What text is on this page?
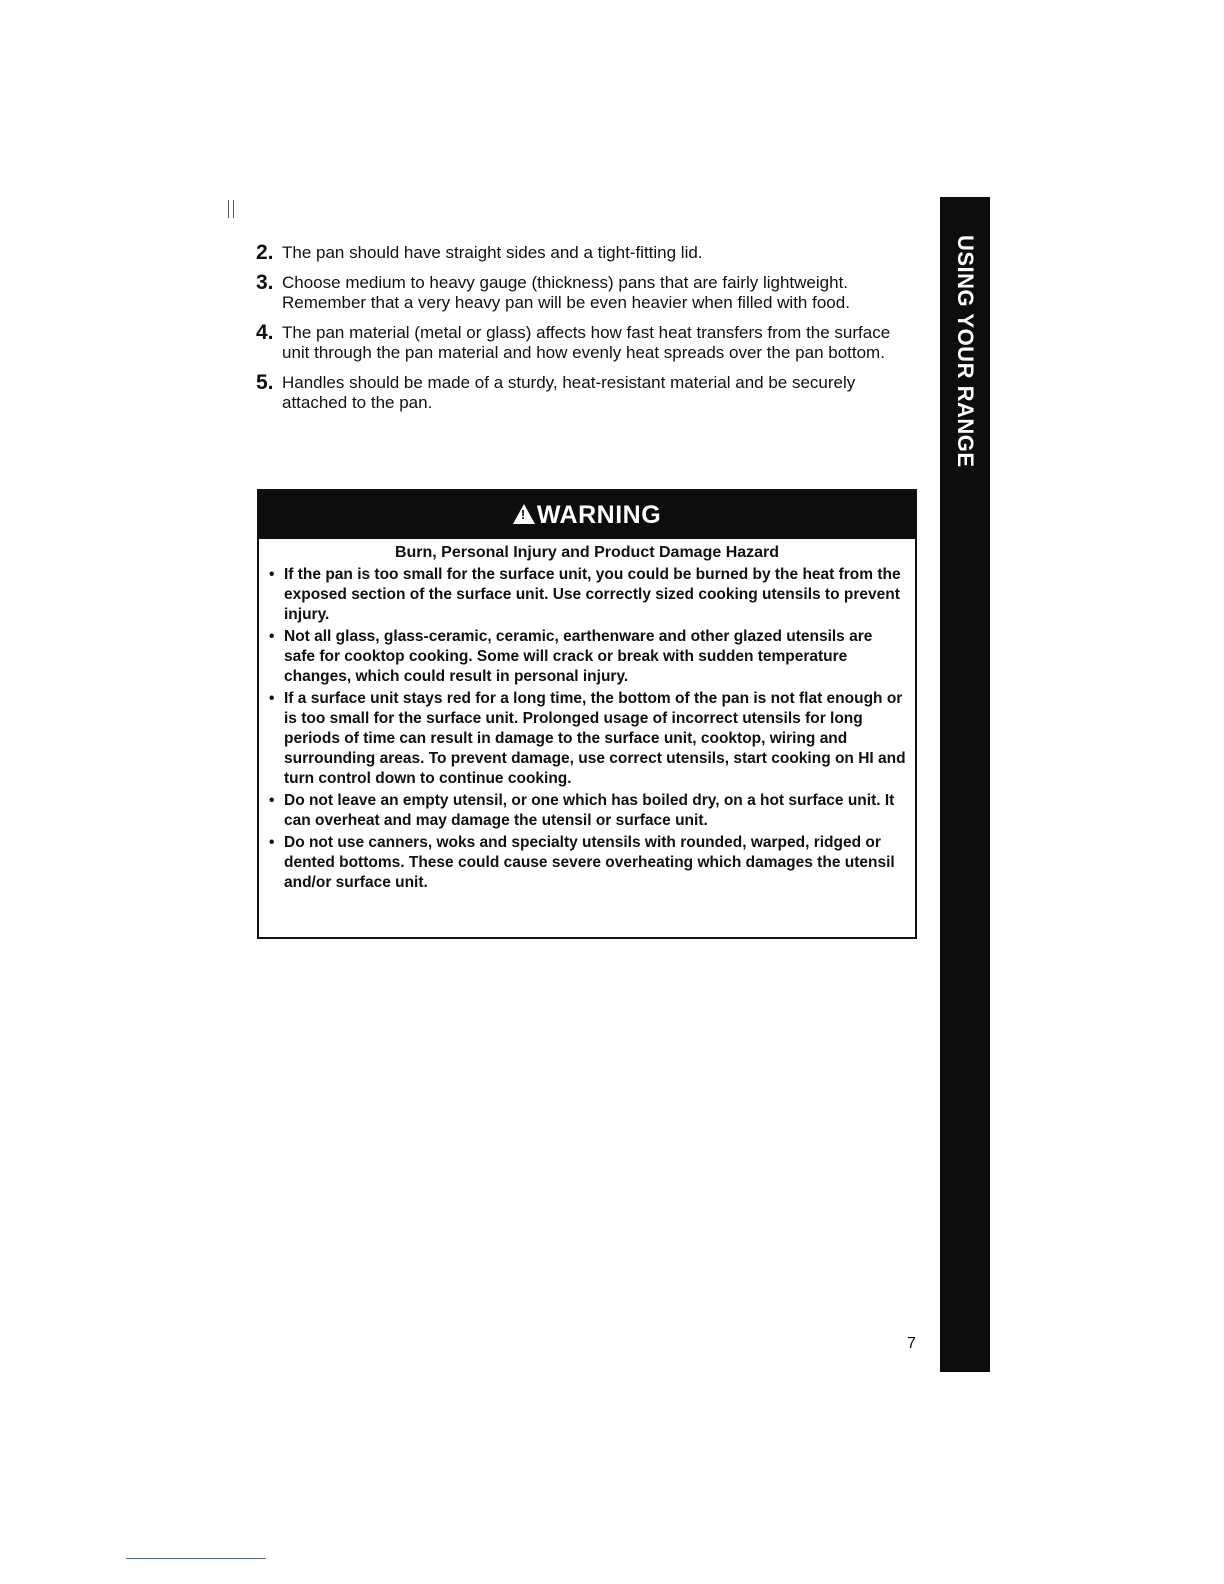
USING YOUR RANGE
2. The pan should have straight sides and a tight-fitting lid.
3. Choose medium to heavy gauge (thickness) pans that are fairly lightweight. Remember that a very heavy pan will be even heavier when filled with food.
4. The pan material (metal or glass) affects how fast heat transfers from the surface unit through the pan material and how evenly heat spreads over the pan bottom.
5. Handles should be made of a sturdy, heat-resistant material and be securely attached to the pan.
!
WARNING
Burn, Personal Injury and Product Damage Hazard
• If the pan is too small for the surface unit, you could be burned by the heat from the exposed section of the surface unit. Use correctly sized cooking utensils to prevent injury.
• Not all glass, glass-ceramic, ceramic, earthenware and other glazed utensils are safe for cooktop cooking. Some will crack or break with sudden temperature changes, which could result in personal injury.
• If a surface unit stays red for a long time, the bottom of the pan is not flat enough or is too small for the surface unit. Prolonged usage of incorrect utensils for long periods of time can result in damage to the surface unit, cooktop, wiring and surrounding areas. To prevent damage, use correct utensils, start cooking on HI and turn control down to continue cooking.
• Do not leave an empty utensil, or one which has boiled dry, on a hot surface unit. It can overheat and may damage the utensil or surface unit.
• Do not use canners, woks and specialty utensils with rounded, warped, ridged or dented bottoms. These could cause severe overheating which damages the utensil and/or surface unit.
7
